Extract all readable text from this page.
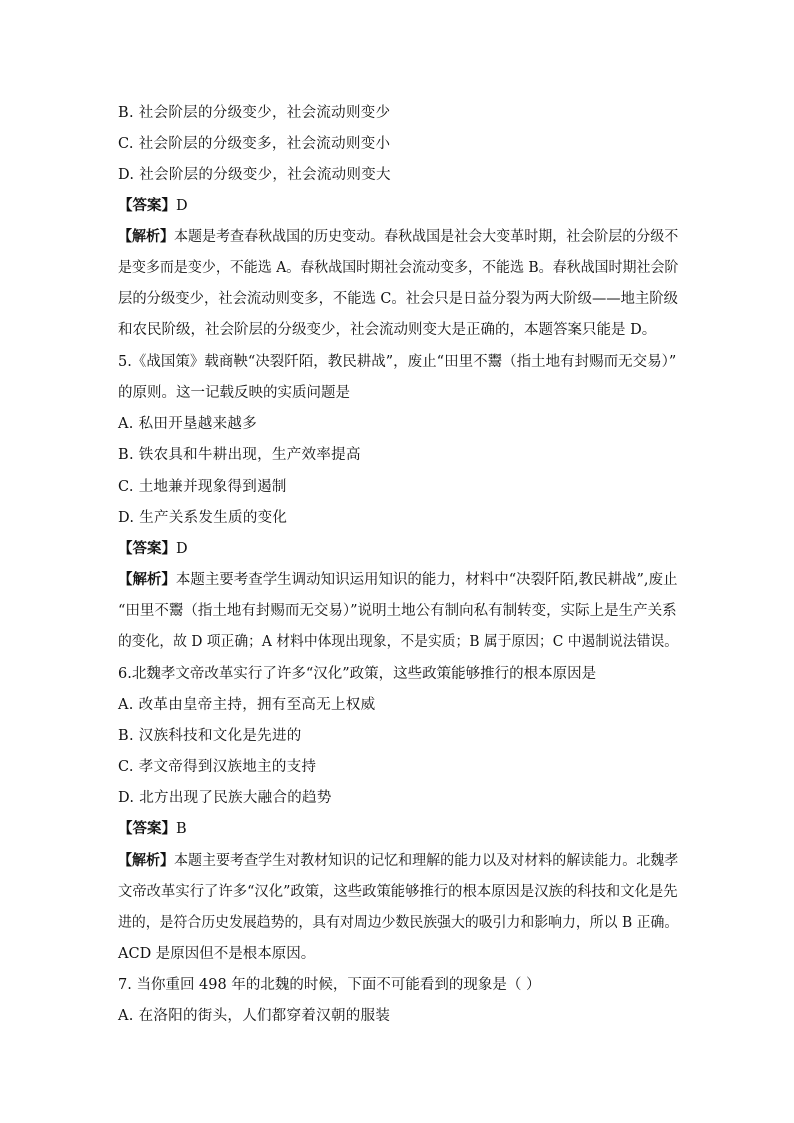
B. 社会阶层的分级变少，社会流动则变少
C. 社会阶层的分级变多，社会流动则变小
D. 社会阶层的分级变少，社会流动则变大
【答案】D
【解析】本题是考查春秋战国的历史变动。春秋战国是社会大变革时期，社会阶层的分级不
是变多而是变少，不能选 A。春秋战国时期社会流动变多，不能选 B。春秋战国时期社会阶
层的分级变少，社会流动则变多，不能选 C。社会只是日益分裂为两大阶级——地主阶级
和农民阶级，社会阶层的分级变少，社会流动则变大是正确的，本题答案只能是 D。
5.《战国策》载商鞅“决裂阡陌，教民耕战”，废止“田里不鬻（指土地有封赐而无交易）”
的原则。这一记载反映的实质问题是
A. 私田开垦越来越多
B. 铁农具和牛耕出现，生产效率提高
C. 土地兼并现象得到遏制
D. 生产关系发生质的变化
【答案】D
【解析】本题主要考查学生调动知识运用知识的能力，材料中“决裂阡陌,教民耕战”,废止
“田里不鬻（指土地有封赐而无交易）”说明土地公有制向私有制转变，实际上是生产关系
的变化，故 D 项正确；A 材料中体现出现象，不是实质；B 属于原因；C 中遏制说法错误。
6.北魏孝文帝改革实行了许多“汉化”政策，这些政策能够推行的根本原因是
A. 改革由皇帝主持，拥有至高无上权威
B. 汉族科技和文化是先进的
C. 孝文帝得到汉族地主的支持
D. 北方出现了民族大融合的趋势
【答案】B
【解析】本题主要考查学生对教材知识的记忆和理解的能力以及对材料的解读能力。北魏孝
文帝改革实行了许多“汉化”政策，这些政策能够推行的根本原因是汉族的科技和文化是先
进的，是符合历史发展趋势的，具有对周边少数民族强大的吸引力和影响力，所以 B 正确。
ACD 是原因但不是根本原因。
7. 当你重回 498 年的北魏的时候，下面不可能看到的现象是（ ）
A. 在洛阳的街头，人们都穿着汉朝的服装
